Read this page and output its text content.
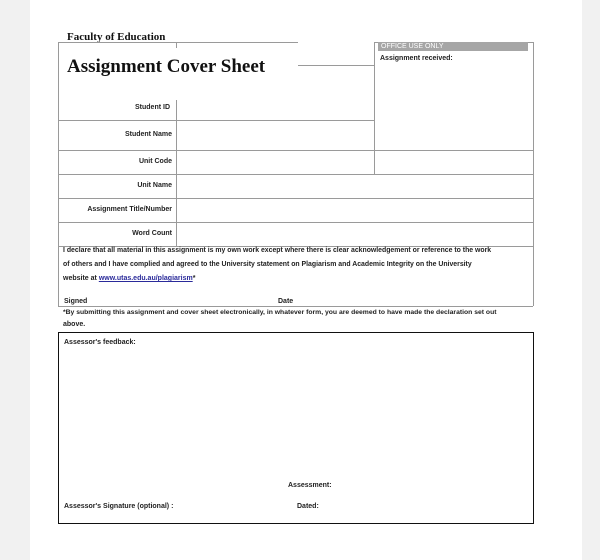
Faculty of Education
$^{Student ID}$
Assignment Cover Sheet
OFFICE USE ONLY
Assignment received:
Student Name
Unit Code
Unit Name
Assignment Title/Number
Word Count
I declare that all material in this assignment is my own work except where there is clear acknowledgement or reference to the work
of others and I have complied and agreed to the University statement on Plagiarism and Academic Integrity on the University
website at www.utas.edu.au/plagiarism*
Signed	Date
*By submitting this assignment and cover sheet electronically, in whatever form, you are deemed to have made the declaration set out
above.
Assessor's feedback:
Assessment:
Assessor's Signature (optional) :	Dated:
